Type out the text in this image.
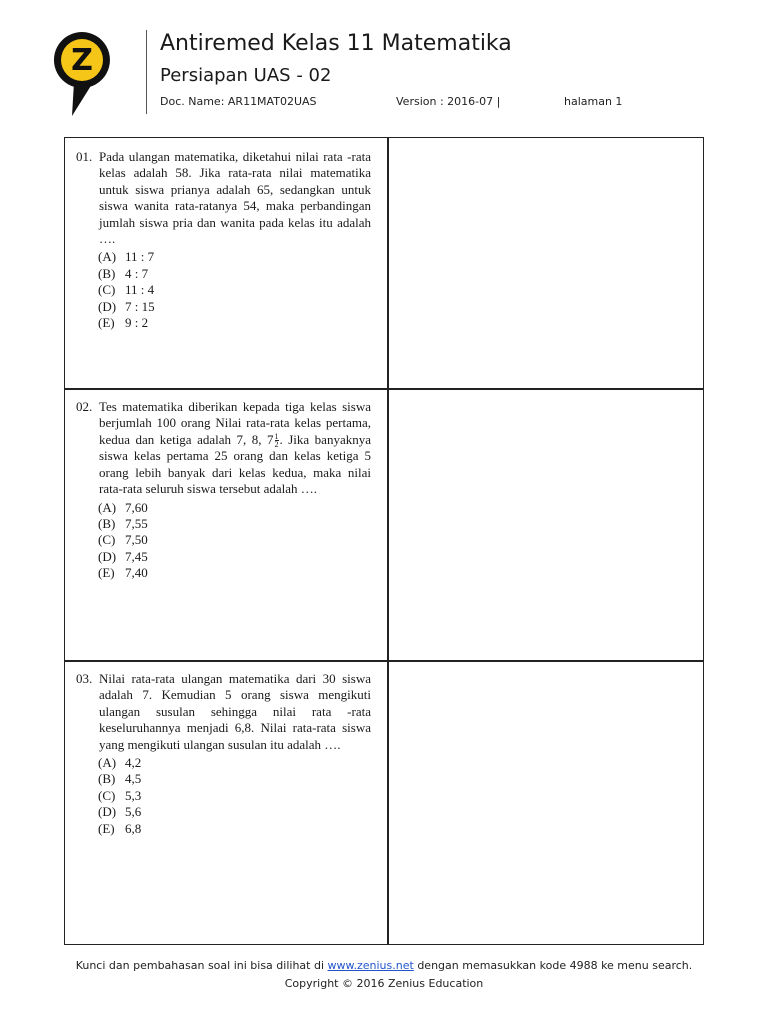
Z	Antiremed Kelas 11 Matematika
Persiapan UAS - 02
Doc. Name: AR11MAT02UAS	Version : 2016-07 |	halaman 1
01. Pada ulangan matematika, diketahui nilai rata -rata kelas adalah 58. Jika rata-rata nilai matematika untuk siswa prianya adalah 65, sedangkan untuk siswa wanita rata-ratanya 54, maka perbandingan jumlah siswa pria dan wanita pada kelas itu adalah ….
(A) 11 : 7
(B) 4 : 7
(C) 11 : 4
(D) 7 : 15
(E) 9 : 2
02. Tes matematika diberikan kepada tiga kelas siswa berjumlah 100 orang Nilai rata-rata kelas pertama, kedua dan ketiga adalah 7, 8, $7 \frac{1}{2}$ . Jika banyaknya siswa kelas pertama 25 orang dan kelas ketiga 5 orang lebih banyak dari kelas kedua, maka nilai rata-rata seluruh siswa tersebut adalah ….
(A) 7,60
(B) 7,55
(C) 7,50
(D) 7,45
(E) 7,40
03. Nilai rata-rata ulangan matematika dari 30 siswa adalah 7. Kemudian 5 orang siswa mengikuti ulangan susulan sehingga nilai rata -rata keseluruhannya menjadi 6,8. Nilai rata-rata siswa yang mengikuti ulangan susulan itu adalah ….
(A) 4,2
(B) 4,5
(C) 5,3
(D) 5,6
(E) 6,8
Kunci dan pembahasan soal ini bisa dilihat di www.zenius.net dengan memasukkan kode 4988 ke menu search.
Copyright © 2016 Zenius Education
